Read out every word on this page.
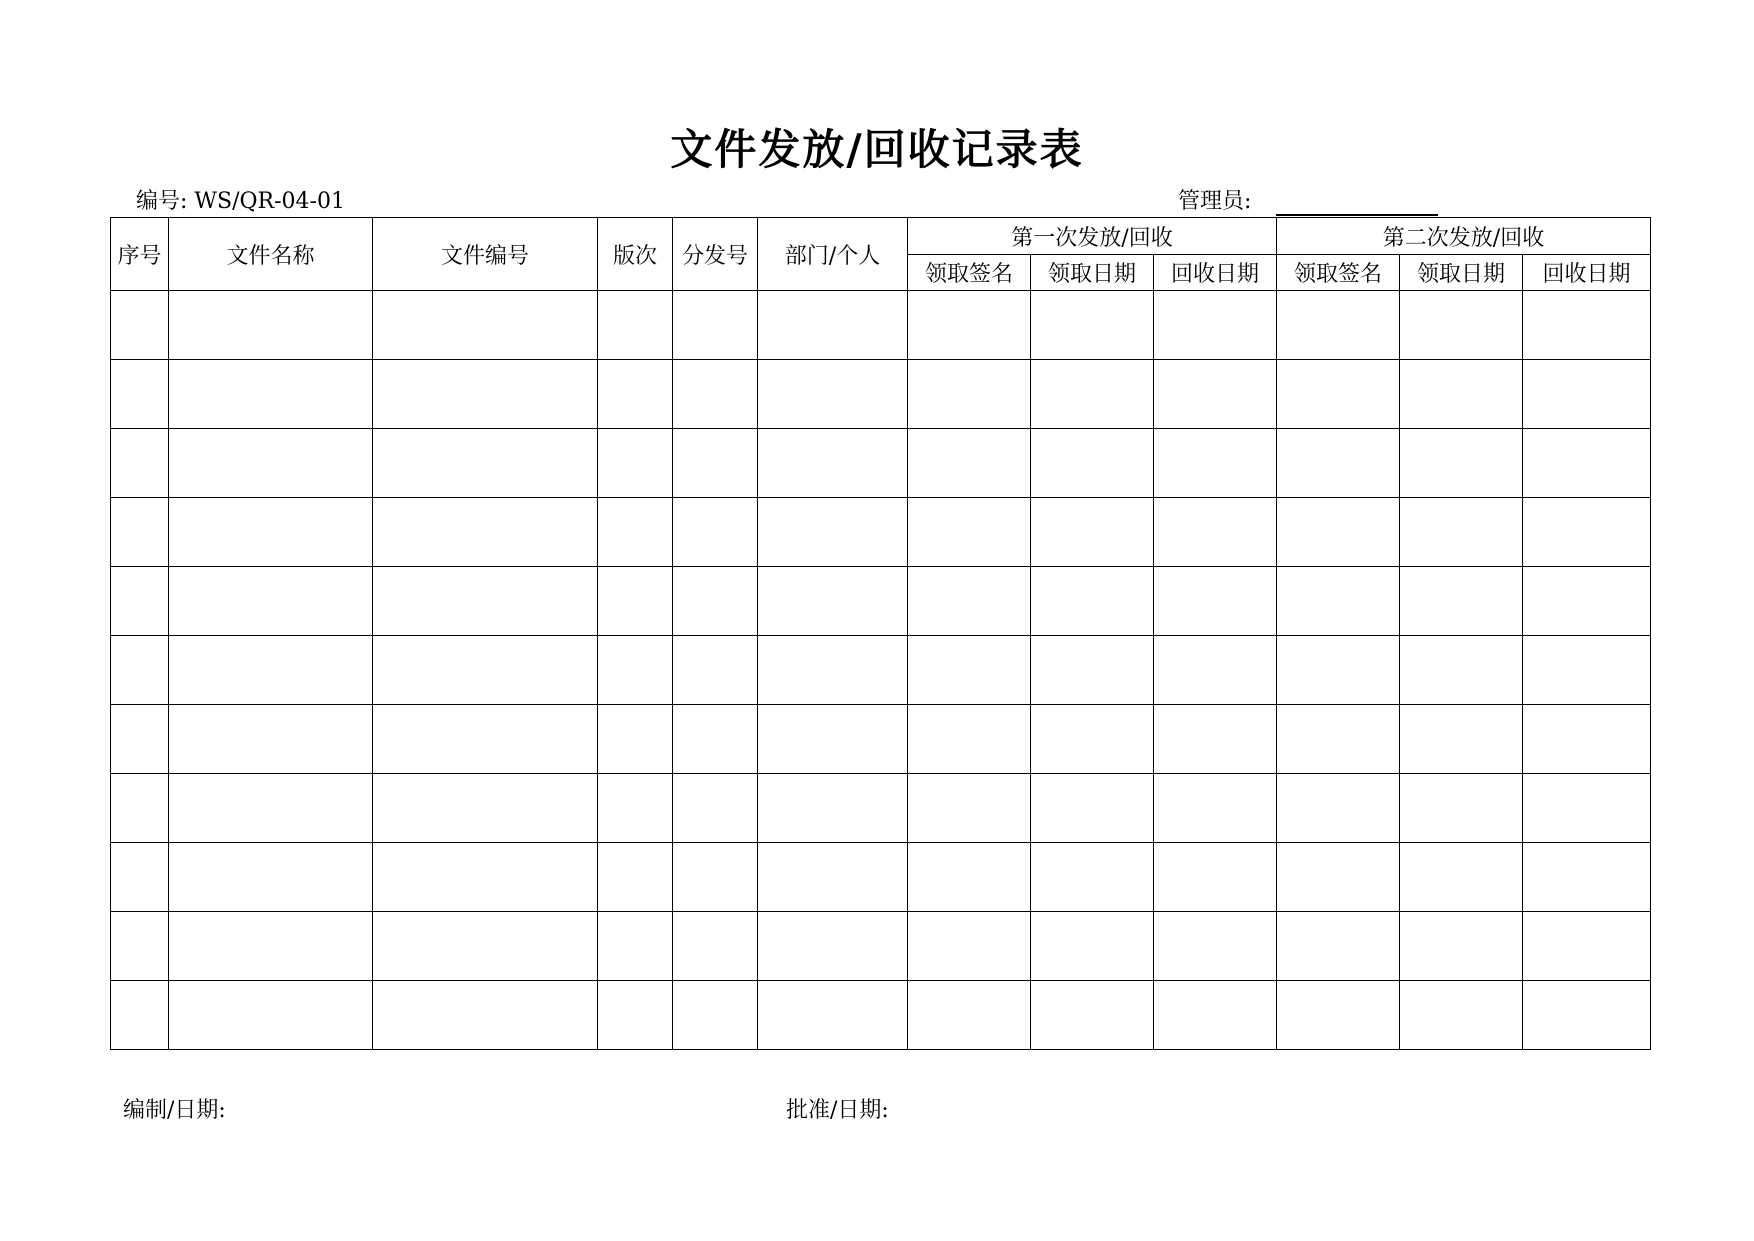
文件发放/回收记录表
编号: WS/QR-04-01	管理员:
序号	文件名称	文件编号	版次	分发号	部门/个人	第一次发放/回收			第二次发放/回收		
						领取签名	领取日期	回收日期	领取签名	领取日期	回收日期

编制/日期:	批准/日期:
